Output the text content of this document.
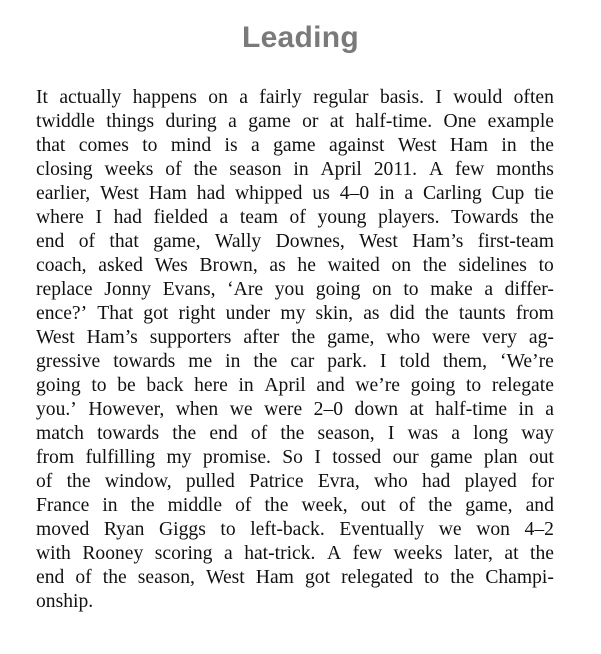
Leading
It actually happens on a fairly regular basis. I would often
twiddle things during a game or at half-time. One example
that comes to mind is a game against West Ham in the
closing weeks of the season in April 2011. A few months
earlier, West Ham had whipped us 4–0 in a Carling Cup tie
where I had fielded a team of young players. Towards the
end of that game, Wally Downes, West Ham’s first-team
coach, asked Wes Brown, as he waited on the sidelines to
replace Jonny Evans, ‘Are you going on to make a differ-
ence?’ That got right under my skin, as did the taunts from
West Ham’s supporters after the game, who were very ag-
gressive towards me in the car park. I told them, ‘We’re
going to be back here in April and we’re going to relegate
you.’ However, when we were 2–0 down at half-time in a
match towards the end of the season, I was a long way
from fulfilling my promise. So I tossed our game plan out
of the window, pulled Patrice Evra, who had played for
France in the middle of the week, out of the game, and
moved Ryan Giggs to left-back. Eventually we won 4–2
with Rooney scoring a hat-trick. A few weeks later, at the
end of the season, West Ham got relegated to the Champi-
onship.
